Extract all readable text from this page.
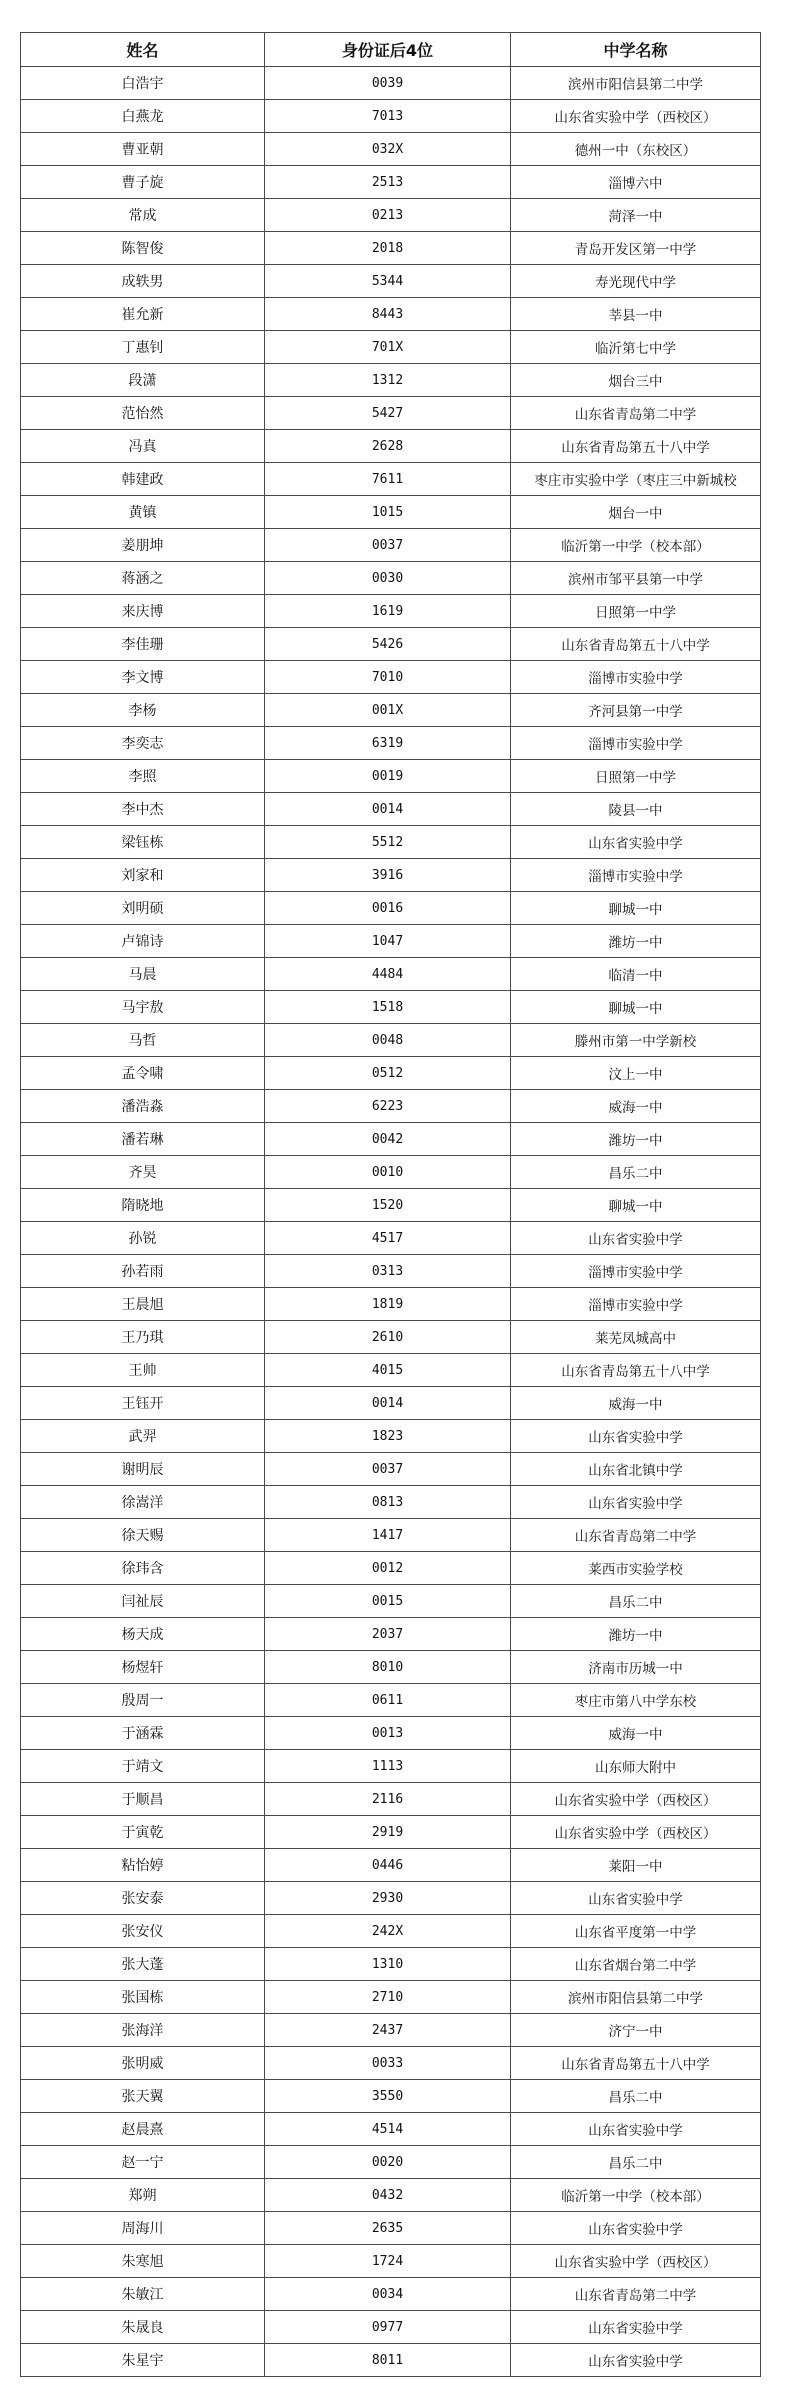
姓名	身份证后4位	中学名称
白浩宇	0039	滨州市阳信县第二中学
白燕龙	7013	山东省实验中学（西校区）
曹亚朝	032X	德州一中（东校区）
曹子旋	2513	淄博六中
常成	0213	菏泽一中
陈智俊	2018	青岛开发区第一中学
成轶男	5344	寿光现代中学
崔允新	8443	莘县一中
丁惠钊	701X	临沂第七中学
段潇	1312	烟台三中
范怡然	5427	山东省青岛第二中学
冯真	2628	山东省青岛第五十八中学
韩建政	7611	枣庄市实验中学（枣庄三中新城校
黄镇	1015	烟台一中
姜朋坤	0037	临沂第一中学（校本部）
蒋涵之	0030	滨州市邹平县第一中学
来庆博	1619	日照第一中学
李佳珊	5426	山东省青岛第五十八中学
李文博	7010	淄博市实验中学
李杨	001X	齐河县第一中学
李奕志	6319	淄博市实验中学
李照	0019	日照第一中学
李中杰	0014	陵县一中
梁钰栋	5512	山东省实验中学
刘家和	3916	淄博市实验中学
刘明硕	0016	聊城一中
卢锦诗	1047	潍坊一中
马晨	4484	临清一中
马宇敖	1518	聊城一中
马哲	0048	滕州市第一中学新校
孟令啸	0512	汶上一中
潘浩淼	6223	威海一中
潘若琳	0042	潍坊一中
齐昊	0010	昌乐二中
隋晓地	1520	聊城一中
孙锐	4517	山东省实验中学
孙若雨	0313	淄博市实验中学
王晨旭	1819	淄博市实验中学
王乃琪	2610	莱芜凤城高中
王帅	4015	山东省青岛第五十八中学
王钰开	0014	威海一中
武羿	1823	山东省实验中学
谢明辰	0037	山东省北镇中学
徐嵩洋	0813	山东省实验中学
徐天赐	1417	山东省青岛第二中学
徐玮含	0012	莱西市实验学校
闫祉辰	0015	昌乐二中
杨天成	2037	潍坊一中
杨煜轩	8010	济南市历城一中
殷周一	0611	枣庄市第八中学东校
于涵霖	0013	威海一中
于靖文	1113	山东师大附中
于顺昌	2116	山东省实验中学（西校区）
于寅乾	2919	山东省实验中学（西校区）
粘怡婷	0446	莱阳一中
张安泰	2930	山东省实验中学
张安仪	242X	山东省平度第一中学
张大蓬	1310	山东省烟台第二中学
张国栋	2710	滨州市阳信县第二中学
张海洋	2437	济宁一中
张明威	0033	山东省青岛第五十八中学
张天翼	3550	昌乐二中
赵晨熹	4514	山东省实验中学
赵一宁	0020	昌乐二中
郑朔	0432	临沂第一中学（校本部）
周海川	2635	山东省实验中学
朱寒旭	1724	山东省实验中学（西校区）
朱敏江	0034	山东省青岛第二中学
朱晟良	0977	山东省实验中学
朱星宇	8011	山东省实验中学
